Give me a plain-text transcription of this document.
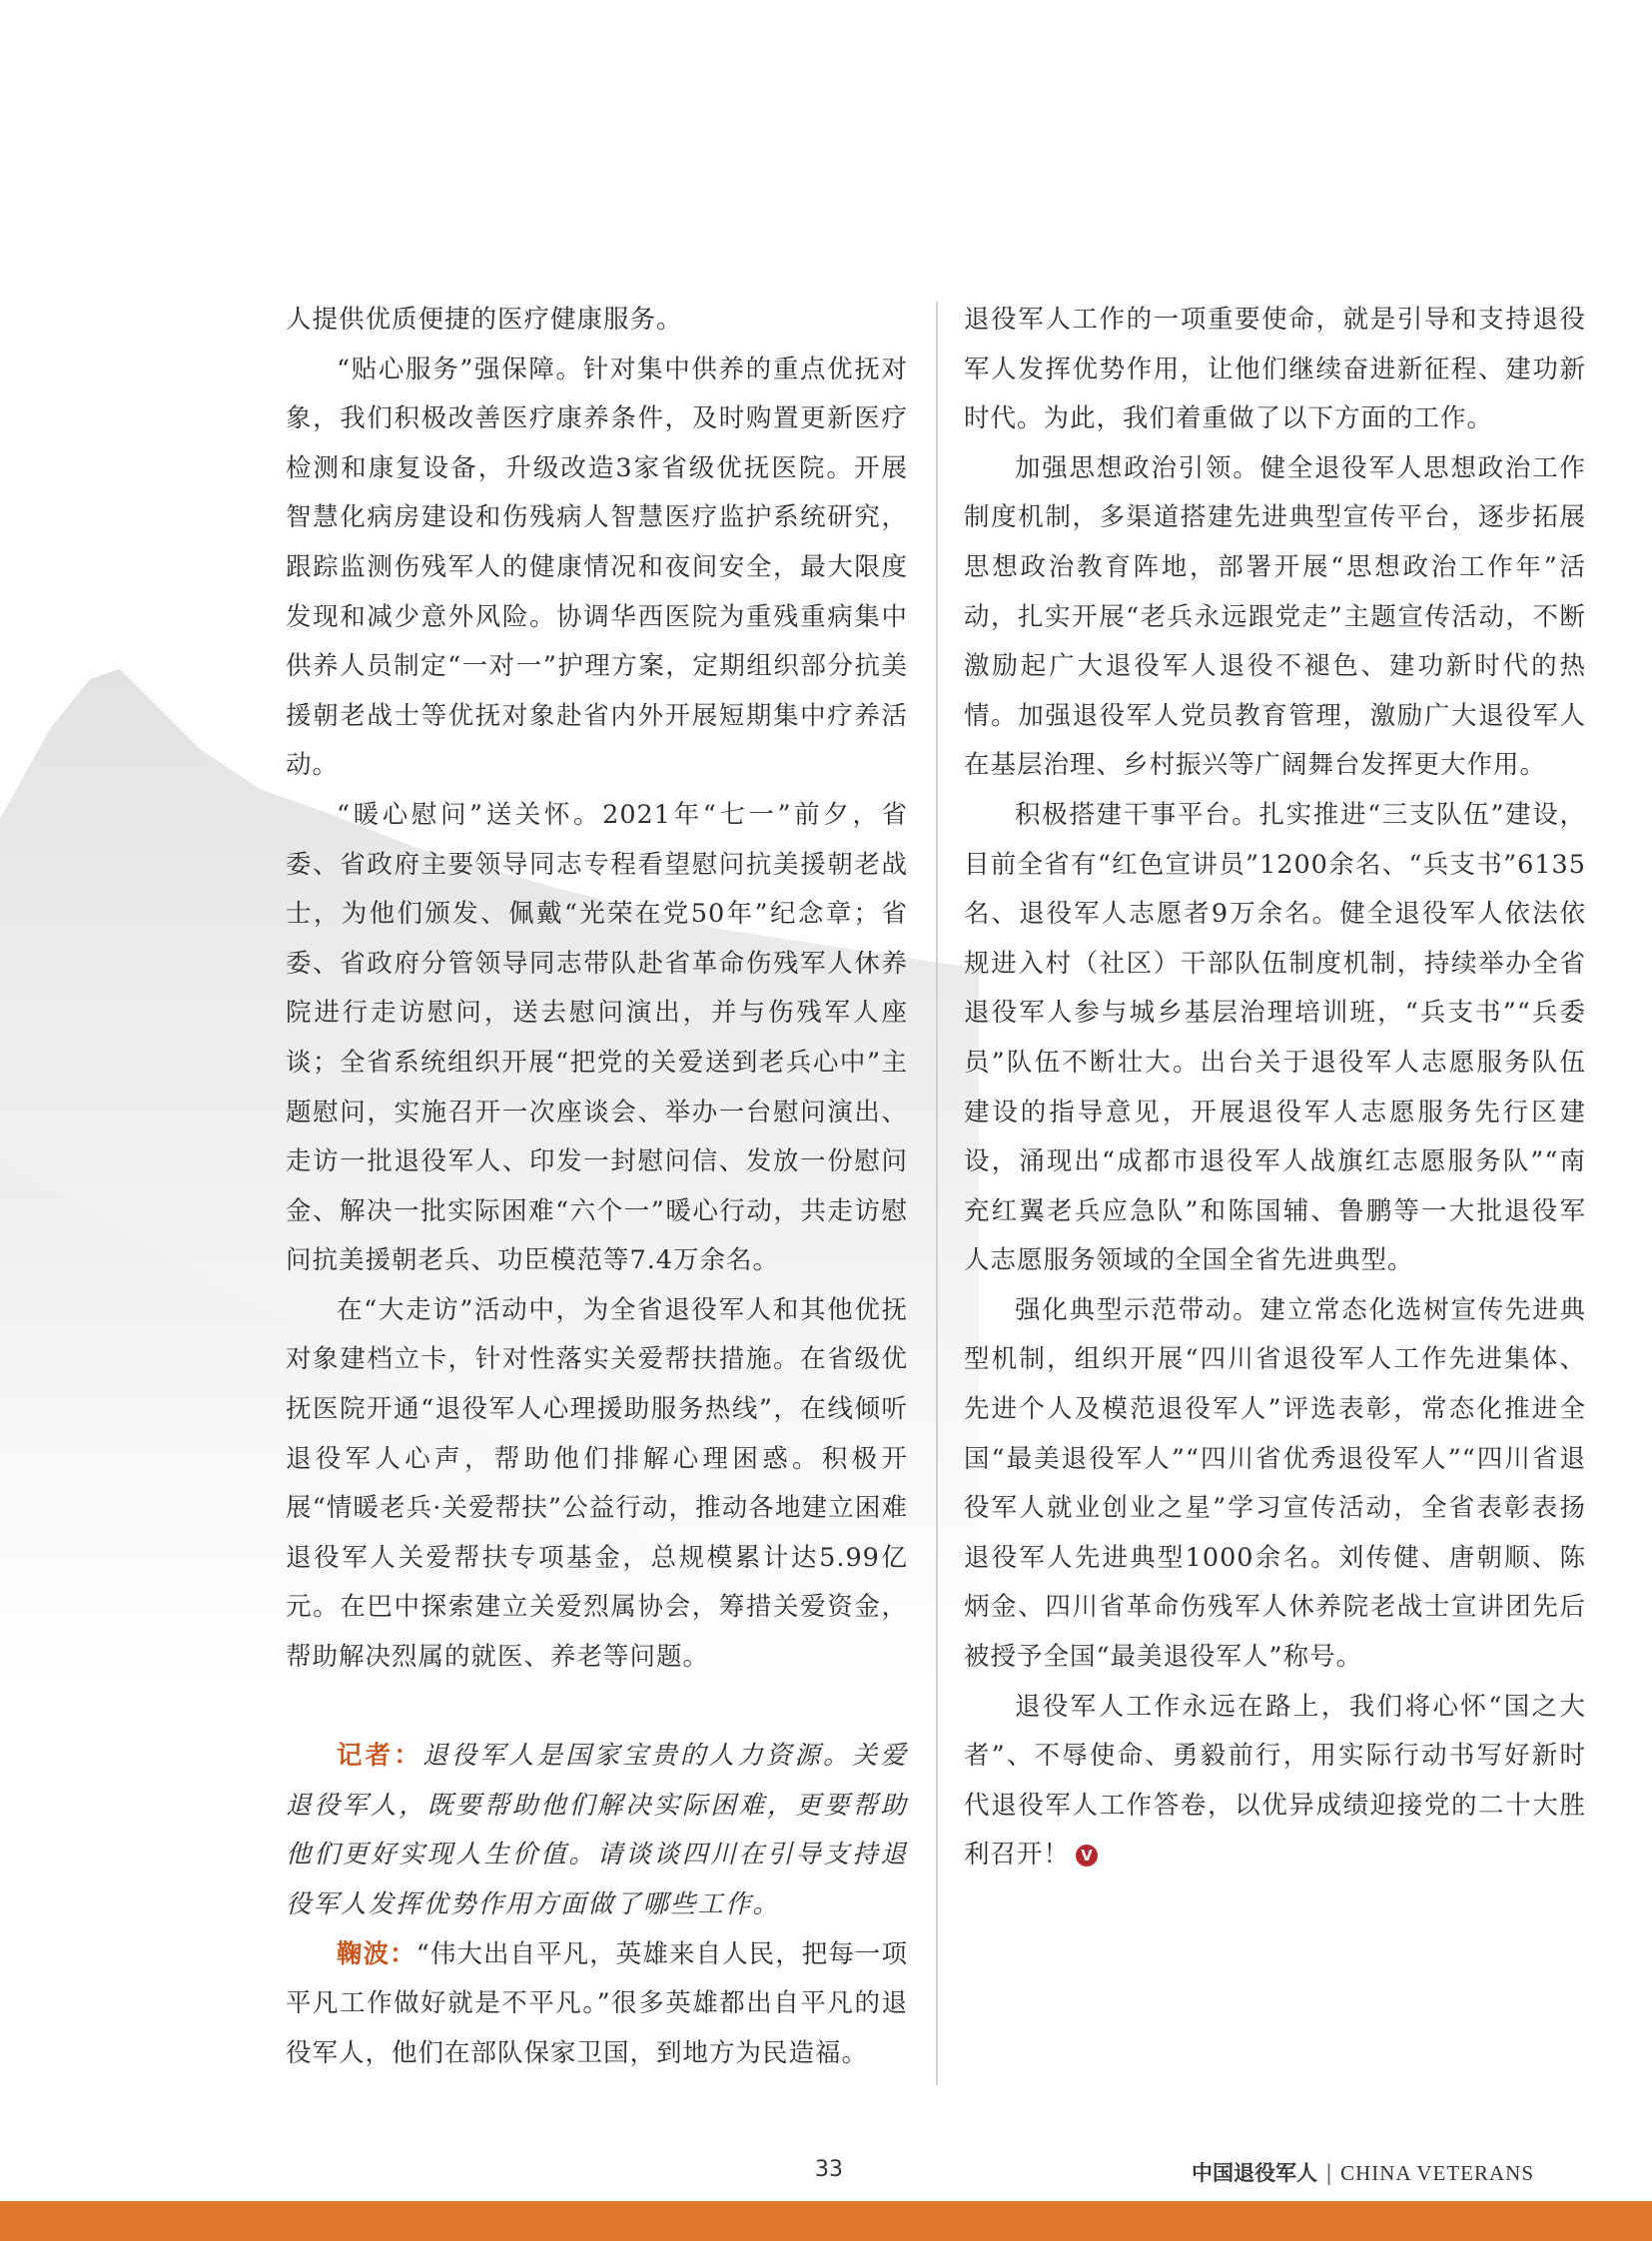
人提供优质便捷的医疗健康服务。

“贴心服务”强保障。针对集中供养的重点优抚对象，我们积极改善医疗康养条件，及时购置更新医疗检测和康复设备，升级改造3家省级优抚医院。开展智慧化病房建设和伤残病人智慧医疗监护系统研究，跟踪监测伤残军人的健康情况和夜间安全，最大限度发现和减少意外风险。协调华西医院为重残重病集中供养人员制定“一对一”护理方案，定期组织部分抗美援朝老战士等优抚对象赴省内外开展短期集中疗养活动。

“暖心慰问”送关怀。2021年“七一”前夕，省委、省政府主要领导同志专程看望慰问抗美援朝老战士，为他们颁发、佩戴“光荣在党50年”纪念章；省委、省政府分管领导同志带队赴省革命伤残军人休养院进行走访慰问，送去慰问演出，并与伤残军人座谈；全省系统组织开展“把党的关爱送到老兵心中”主题慰问，实施召开一次座谈会、举办一台慰问演出、走访一批退役军人、印发一封慰问信、发放一份慰问金、解决一批实际困难“六个一”暖心行动，共走访慰问抗美援朝老兵、功臣模范等7.4万余名。

在“大走访”活动中，为全省退役军人和其他优抚对象建档立卡，针对性落实关爱帮扶措施。在省级优抚医院开通“退役军人心理援助服务热线”，在线倾听退役军人心声，帮助他们排解心理困惑。积极开展“情暖老兵·关爱帮扶”公益行动，推动各地建立困难退役军人关爱帮扶专项基金，总规模累计达5.99亿元。在巴中探索建立关爱烈属协会，筹措关爱资金，帮助解决烈属的就医、养老等问题。

记者：退役军人是国家宝贵的人力资源。关爱退役军人，既要帮助他们解决实际困难，更要帮助他们更好实现人生价值。请谈谈四川在引导支持退役军人发挥优势作用方面做了哪些工作。

鞠波：“伟大出自平凡，英雄来自人民，把每一项平凡工作做好就是不平凡。”很多英雄都出自平凡的退役军人，他们在部队保家卫国，到地方为民造福。

退役军人工作的一项重要使命，就是引导和支持退役军人发挥优势作用，让他们继续奋进新征程、建功新时代。为此，我们着重做了以下方面的工作。

加强思想政治引领。健全退役军人思想政治工作制度机制，多渠道搭建先进典型宣传平台，逐步拓展思想政治教育阵地，部署开展“思想政治工作年”活动，扎实开展“老兵永远跟党走”主题宣传活动，不断激励起广大退役军人退役不褪色、建功新时代的热情。加强退役军人党员教育管理，激励广大退役军人在基层治理、乡村振兴等广阔舞台发挥更大作用。

积极搭建干事平台。扎实推进“三支队伍”建设，目前全省有“红色宣讲员”1200余名、“兵支书”6135名、退役军人志愿者9万余名。健全退役军人依法依规进入村（社区）干部队伍制度机制，持续举办全省退役军人参与城乡基层治理培训班，“兵支书”“兵委员”队伍不断壮大。出台关于退役军人志愿服务队伍建设的指导意见，开展退役军人志愿服务先行区建设，涌现出“成都市退役军人战旗红志愿服务队”“南充红翼老兵应急队”和陈国辅、鲁鹏等一大批退役军人志愿服务领域的全国全省先进典型。

强化典型示范带动。建立常态化选树宣传先进典型机制，组织开展“四川省退役军人工作先进集体、先进个人及模范退役军人”评选表彰，常态化推进全国“最美退役军人”“四川省优秀退役军人”“四川省退役军人就业创业之星”学习宣传活动，全省表彰表扬退役军人先进典型1000余名。刘传健、唐朝顺、陈炳金、四川省革命伤残军人休养院老战士宣讲团先后被授予全国“最美退役军人”称号。

退役军人工作永远在路上，我们将心怀“国之大者”、不辱使命、勇毅前行，用实际行动书写好新时代退役军人工作答卷，以优异成绩迎接党的二十大胜利召开！ V

33	中国退役军人 | CHINA VETERANS
